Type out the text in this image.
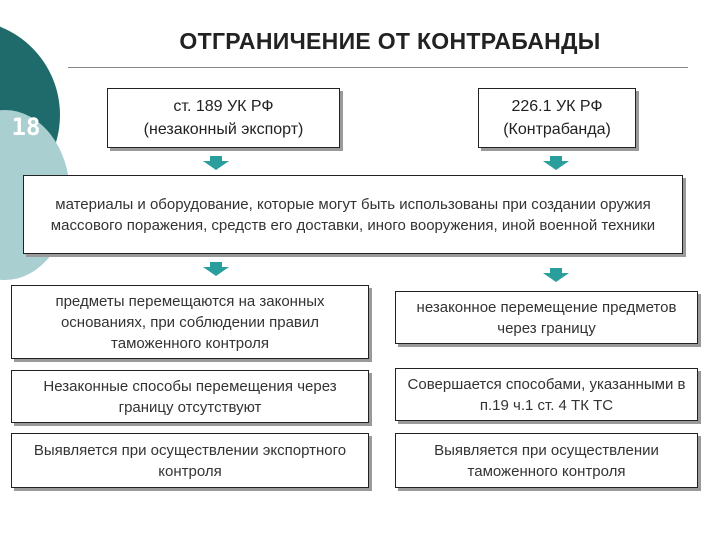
18
ОТГРАНИЧЕНИЕ ОТ КОНТРАБАНДЫ
ст. 189 УК РФ
(незаконный экспорт)
226.1 УК РФ
(Контрабанда)
материалы и оборудование, которые могут быть использованы при создании оружия массового поражения, средств его доставки, иного вооружения, иной военной техники
предметы перемещаются на законных основаниях, при соблюдении правил таможенного контроля
Незаконные способы перемещения через границу отсутствуют
Выявляется при осуществлении экспортного контроля
незаконное перемещение предметов через границу
Совершается способами, указанными в п.19 ч.1 ст. 4 ТК ТС
Выявляется при осуществлении таможенного контроля
